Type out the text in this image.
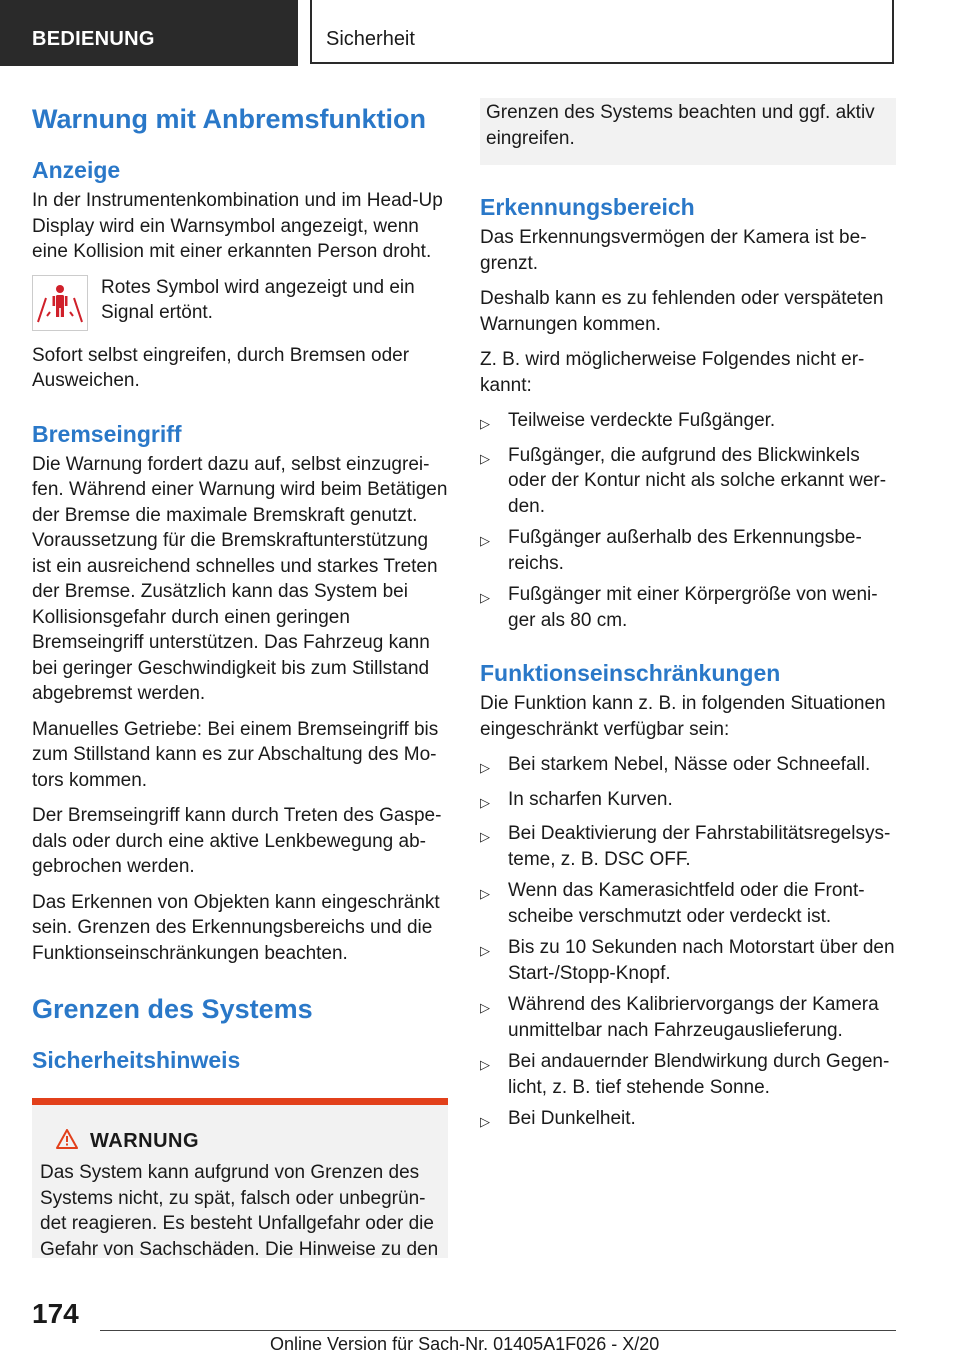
BEDIENUNG	Sicherheit
Warnung mit Anbremsfunktion
Anzeige

In der Instrumentenkombination und im Head-Up Display wird ein Warnsymbol angezeigt, wenn eine Kollision mit einer erkannten Person droht.

Rotes Symbol wird angezeigt und ein Signal ertönt.

Sofort selbst eingreifen, durch Bremsen oder Ausweichen.

Bremseingriff

Die Warnung fordert dazu auf, selbst einzugreifen. Während einer Warnung wird beim Betätigen der Bremse die maximale Bremskraft genutzt. Voraussetzung für die Bremskraftunterstützung ist ein ausreichend schnelles und starkes Treten der Bremse. Zusätzlich kann das System bei Kollisionsgefahr durch einen geringen Bremseingriff unterstützen. Das Fahrzeug kann bei geringer Geschwindigkeit bis zum Stillstand abgebremst werden.

Manuelles Getriebe: Bei einem Bremseingriff bis zum Stillstand kann es zur Abschaltung des Motors kommen.

Der Bremseingriff kann durch Treten des Gaspedals oder durch eine aktive Lenkbewegung abgebrochen werden.

Das Erkennen von Objekten kann eingeschränkt sein. Grenzen des Erkennungsbereichs und die Funktionseinschränkungen beachten.

Grenzen des Systems
Sicherheitshinweis
WARNUNG

Das System kann aufgrund von Grenzen des Systems nicht, zu spät, falsch oder unbegründet reagieren. Es besteht Unfallgefahr oder die Gefahr von Sachschäden. Die Hinweise zu den

Grenzen des Systems beachten und ggf. aktiv eingreifen.

Erkennungsbereich

Das Erkennungsvermögen der Kamera ist begrenzt.

Deshalb kann es zu fehlenden oder verspäteten Warnungen kommen.

Z. B. wird möglicherweise Folgendes nicht erkannt:

▷ Teilweise verdeckte Fußgänger.
▷ Fußgänger, die aufgrund des Blickwinkels oder der Kontur nicht als solche erkannt werden.
▷ Fußgänger außerhalb des Erkennungsbereichs.
▷ Fußgänger mit einer Körpergröße von weniger als 80 cm.
Funktionseinschränkungen

Die Funktion kann z. B. in folgenden Situationen eingeschränkt verfügbar sein:

▷ Bei starkem Nebel, Nässe oder Schneefall.
▷ In scharfen Kurven.
▷ Bei Deaktivierung der Fahrstabilitätsregelsysteme, z. B. DSC OFF.
▷ Wenn das Kamerasichtfeld oder die Frontscheibe verschmutzt oder verdeckt ist.
▷ Bis zu 10 Sekunden nach Motorstart über den Start-/Stopp-Knopf.
▷ Während des Kalibriervorgangs der Kamera unmittelbar nach Fahrzeugauslieferung.
▷ Bei andauernder Blendwirkung durch Gegenlicht, z. B. tief stehende Sonne.
▷ Bei Dunkelheit.
174
Online Version für Sach-Nr. 01405A1F026 - X/20
